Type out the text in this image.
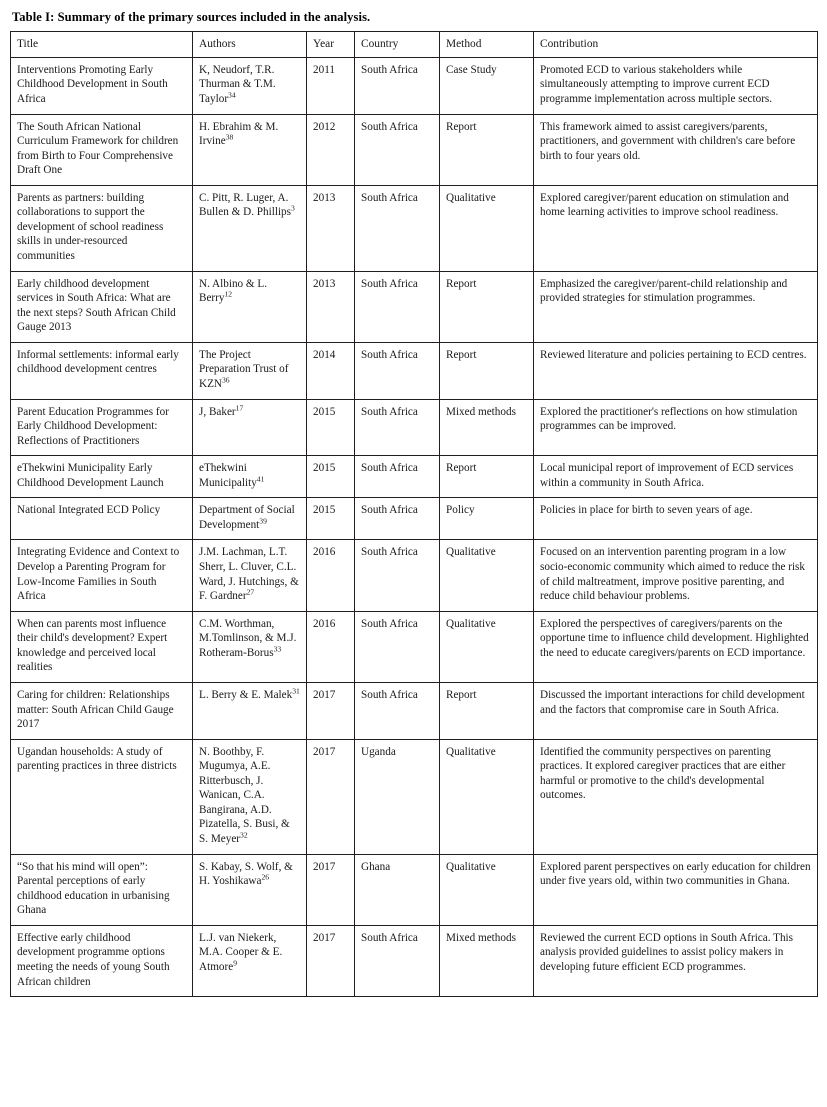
Table I: Summary of the primary sources included in the analysis.
Title	Authors	Year	Country	Method	Contribution

Interventions Promoting Early Childhood Development in South Africa	K, Neudorf, T.R. Thurman & T.M. Taylor$^{34}$	2011	South Africa	Case Study	Promoted ECD to various stakeholders while simultaneously attempting to improve current ECD programme implementation across multiple sectors.

The South African National Curriculum Framework for children from Birth to Four Comprehensive Draft One	H. Ebrahim & M. Irvine$^{38}$	2012	South Africa	Report	This framework aimed to assist caregivers/parents, practitioners, and government with children's care before birth to four years old.

Parents as partners: building collaborations to support the development of school readiness skills in under-resourced communities	C. Pitt, R. Luger, A. Bullen & D. Phillips$^3$	2013	South Africa	Qualitative	Explored caregiver/parent education on stimulation and home learning activities to improve school readiness.

Early childhood development services in South Africa: What are the next steps? South African Child Gauge 2013	N. Albino & L. Berry$^{12}$	2013	South Africa	Report	Emphasized the caregiver/parent-child relationship and provided strategies for stimulation programmes.

Informal settlements: informal early childhood development centres	The Project Preparation Trust of KZN$^{36}$	2014	South Africa	Report	Reviewed literature and policies pertaining to ECD centres.

Parent Education Programmes for Early Childhood Development: Reflections of Practitioners	J, Baker$^{17}$	2015	South Africa	Mixed methods	Explored the practitioner's reflections on how stimulation programmes can be improved.

eThekwini Municipality Early Childhood Development Launch	eThekwini Municipality$^{41}$	2015	South Africa	Report	Local municipal report of improvement of ECD services within a community in South Africa.

National Integrated ECD Policy	Department of Social Development$^{39}$	2015	South Africa	Policy	Policies in place for birth to seven years of age.

Integrating Evidence and Context to Develop a Parenting Program for Low-Income Families in South Africa	J.M. Lachman, L.T. Sherr, L. Cluver, C.L. Ward, J. Hutchings, & F. Gardner$^{27}$	2016	South Africa	Qualitative	Focused on an intervention parenting program in a low socio-economic community which aimed to reduce the risk of child maltreatment, improve positive parenting, and reduce child behaviour problems.

When can parents most influence their child's development? Expert knowledge and perceived local realities	C.M. Worthman, M.Tomlinson, & M.J. Rotheram-Borus$^{33}$	2016	South Africa	Qualitative	Explored the perspectives of caregivers/parents on the opportune time to influence child development. Highlighted the need to educate caregivers/parents on ECD importance.

Caring for children: Relationships matter: South African Child Gauge 2017	L. Berry & E. Malek$^{31}$	2017	South Africa	Report	Discussed the important interactions for child development and the factors that compromise care in South Africa.

Ugandan households: A study of parenting practices in three districts	N. Boothby, F. Mugumya, A.E. Ritterbusch, J. Wanican, C.A. Bangirana, A.D. Pizatella, S. Busi, & S. Meyer$^{32}$	2017	Uganda	Qualitative	Identified the community perspectives on parenting practices. It explored caregiver practices that are either harmful or promotive to the child's developmental outcomes.

“So that his mind will open”: Parental perceptions of early childhood education in urbanising Ghana	S. Kabay, S. Wolf, & H. Yoshikawa$^{26}$	2017	Ghana	Qualitative	Explored parent perspectives on early education for children under five years old, within two communities in Ghana.

Effective early childhood development programme options meeting the needs of young South African children	L.J. van Niekerk, M.A. Cooper & E. Atmore$^9$	2017	South Africa	Mixed methods	Reviewed the current ECD options in South Africa. This analysis provided guidelines to assist policy makers in developing future efficient ECD programmes.
